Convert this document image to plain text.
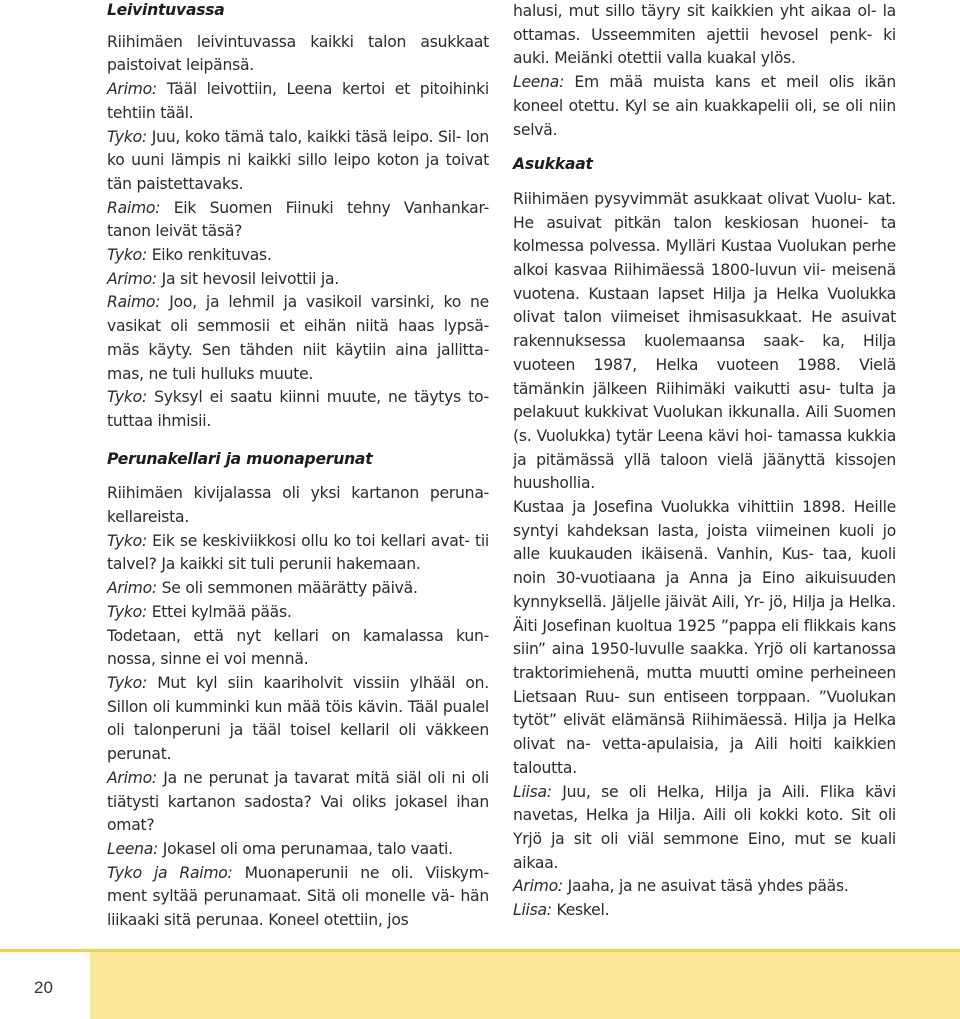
Leivintuvassa

Riihimäen leivintuvassa kaikki talon asukkaat paistoivat leipänsä.

Arimo: Tääl leivottiin, Leena kertoi et pitoihinki tehtiin tääl.

Tyko: Juu, koko tämä talo, kaikki täsä leipo. Sil- lon ko uuni lämpis ni kaikki sillo leipo koton ja toivat tän paistettavaks.

Raimo: Eik Suomen Fiinuki tehny Vanhankar- tanon leivät täsä?

Tyko: Eiko renkituvas.

Arimo: Ja sit hevosil leivottii ja.

Raimo: Joo, ja lehmil ja vasikoil varsinki, ko ne vasikat oli semmosii et eihän niitä haas lypsä- mäs käyty. Sen tähden niit käytiin aina jallitta- mas, ne tuli hulluks muute.

Tyko: Syksyl ei saatu kiinni muute, ne täytys to- tuttaa ihmisii.

Perunakellari ja muonaperunat

Riihimäen kivijalassa oli yksi kartanon peruna- kellareista.

Tyko: Eik se keskiviikkosi ollu ko toi kellari avat- tii talvel? Ja kaikki sit tuli perunii hakemaan.

Arimo: Se oli semmonen määrätty päivä.

Tyko: Ettei kylmää pääs.

Todetaan, että nyt kellari on kamalassa kun- nossa, sinne ei voi mennä.

Tyko: Mut kyl siin kaariholvit vissiin ylhääl on. Sillon oli kumminki kun mää töis kävin. Tääl pualel oli talonperuni ja tääl toisel kellaril oli väkkeen perunat.

Arimo: Ja ne perunat ja tavarat mitä siäl oli ni oli tiätysti kartanon sadosta? Vai oliks jokasel ihan omat?

Leena: Jokasel oli oma perunamaa, talo vaati.

Tyko ja Raimo: Muonaperunii ne oli. Viiskym- ment syltää perunamaat. Sitä oli monelle vä- hän liikaaki sitä perunaa. Koneel otettiin, jos

halusi, mut sillo täyry sit kaikkien yht aikaa ol- la ottamas. Usseemmiten ajettii hevosel penk- ki auki. Meiänki otettii valla kuakal ylös.

Leena: Em mää muista kans et meil olis ikän koneel otettu. Kyl se ain kuakkapelii oli, se oli niin selvä.

Asukkaat

Riihimäen pysyvimmät asukkaat olivat Vuolu- kat. He asuivat pitkän talon keskiosan huonei- ta kolmessa polvessa. Mylläri Kustaa Vuolukan perhe alkoi kasvaa Riihimäessä 1800-luvun vii- meisenä vuotena. Kustaan lapset Hilja ja Helka Vuolukka olivat talon viimeiset ihmisasukkaat. He asuivat rakennuksessa kuolemaansa saak- ka, Hilja vuoteen 1987, Helka vuoteen 1988. Vielä tämänkin jälkeen Riihimäki vaikutti asu- tulta ja pelakuut kukkivat Vuolukan ikkunalla. Aili Suomen (s. Vuolukka) tytär Leena kävi hoi- tamassa kukkia ja pitämässä yllä taloon vielä jäänyttä kissojen huushollia.

Kustaa ja Josefina Vuolukka vihittiin 1898. Heille syntyi kahdeksan lasta, joista viimeinen kuoli jo alle kuukauden ikäisenä. Vanhin, Kus- taa, kuoli noin 30-vuotiaana ja Anna ja Eino aikuisuuden kynnyksellä. Jäljelle jäivät Aili, Yr- jö, Hilja ja Helka. Äiti Josefinan kuoltua 1925 ”pappa eli flikkais kans siin” aina 1950-luvulle saakka. Yrjö oli kartanossa traktorimiehenä, mutta muutti omine perheineen Lietsaan Ruu- sun entiseen torppaan. ”Vuolukan tytöt” elivät elämänsä Riihimäessä. Hilja ja Helka olivat na- vetta-apulaisia, ja Aili hoiti kaikkien taloutta.

Liisa: Juu, se oli Helka, Hilja ja Aili. Flika kävi navetas, Helka ja Hilja. Aili oli kokki koto. Sit oli Yrjö ja sit oli viäl semmone Eino, mut se kuali aikaa.

Arimo: Jaaha, ja ne asuivat täsä yhdes pääs.

Liisa: Keskel.

20
